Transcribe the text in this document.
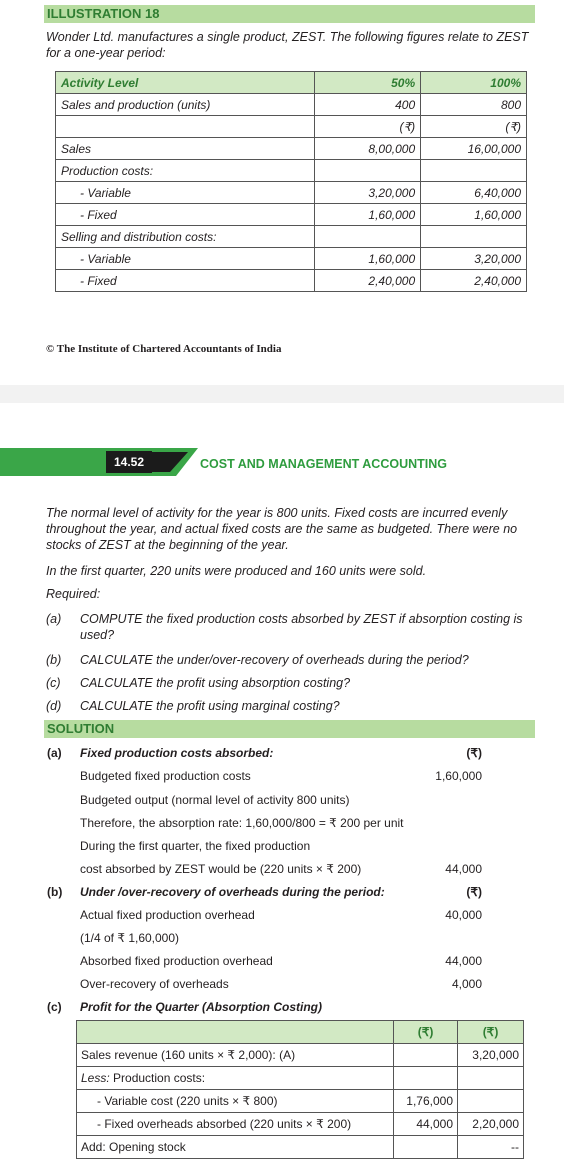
ILLUSTRATION 18

Wonder Ltd. manufactures a single product, ZEST. The following figures relate to ZEST for a one-year period:

Activity Level	50%	100%
Sales and production (units)	400	800
	(₹)	(₹)
Sales	8,00,000	16,00,000
Production costs:		
- Variable	3,20,000	6,40,000
- Fixed	1,60,000	1,60,000
Selling and distribution costs:		
- Variable	1,60,000	3,20,000
- Fixed	2,40,000	2,40,000
© The Institute of Chartered Accountants of India
14.52	COST AND MANAGEMENT ACCOUNTING

The normal level of activity for the year is 800 units. Fixed costs are incurred evenly throughout the year, and actual fixed costs are the same as budgeted. There were no stocks of ZEST at the beginning of the year.

In the first quarter, 220 units were produced and 160 units were sold.

Required:

(a) COMPUTE the fixed production costs absorbed by ZEST if absorption costing is used?

(b) CALCULATE the under/over-recovery of overheads during the period?

(c) CALCULATE the profit using absorption costing?

(d) CALCULATE the profit using marginal costing?

SOLUTION
(a) Fixed production costs absorbed:	(₹)
Budgeted fixed production costs	1,60,000
Budgeted output (normal level of activity 800 units)
Therefore, the absorption rate: 1,60,000/800 = ₹ 200 per unit
During the first quarter, the fixed production
cost absorbed by ZEST would be (220 units × ₹ 200)	44,000
(b) Under /over-recovery of overheads during the period:	(₹)
Actual fixed production overhead	40,000
(1/4 of ₹ 1,60,000)
Absorbed fixed production overhead	44,000
Over-recovery of overheads	4,000
(c) Profit for the Quarter (Absorption Costing)
	(₹)	(₹)
Sales revenue (160 units × ₹ 2,000): (A)		3,20,000
Less: Production costs:		
- Variable cost (220 units × ₹ 800)	1,76,000	
- Fixed overheads absorbed (220 units × ₹ 200)	44,000	2,20,000
Add: Opening stock		--
